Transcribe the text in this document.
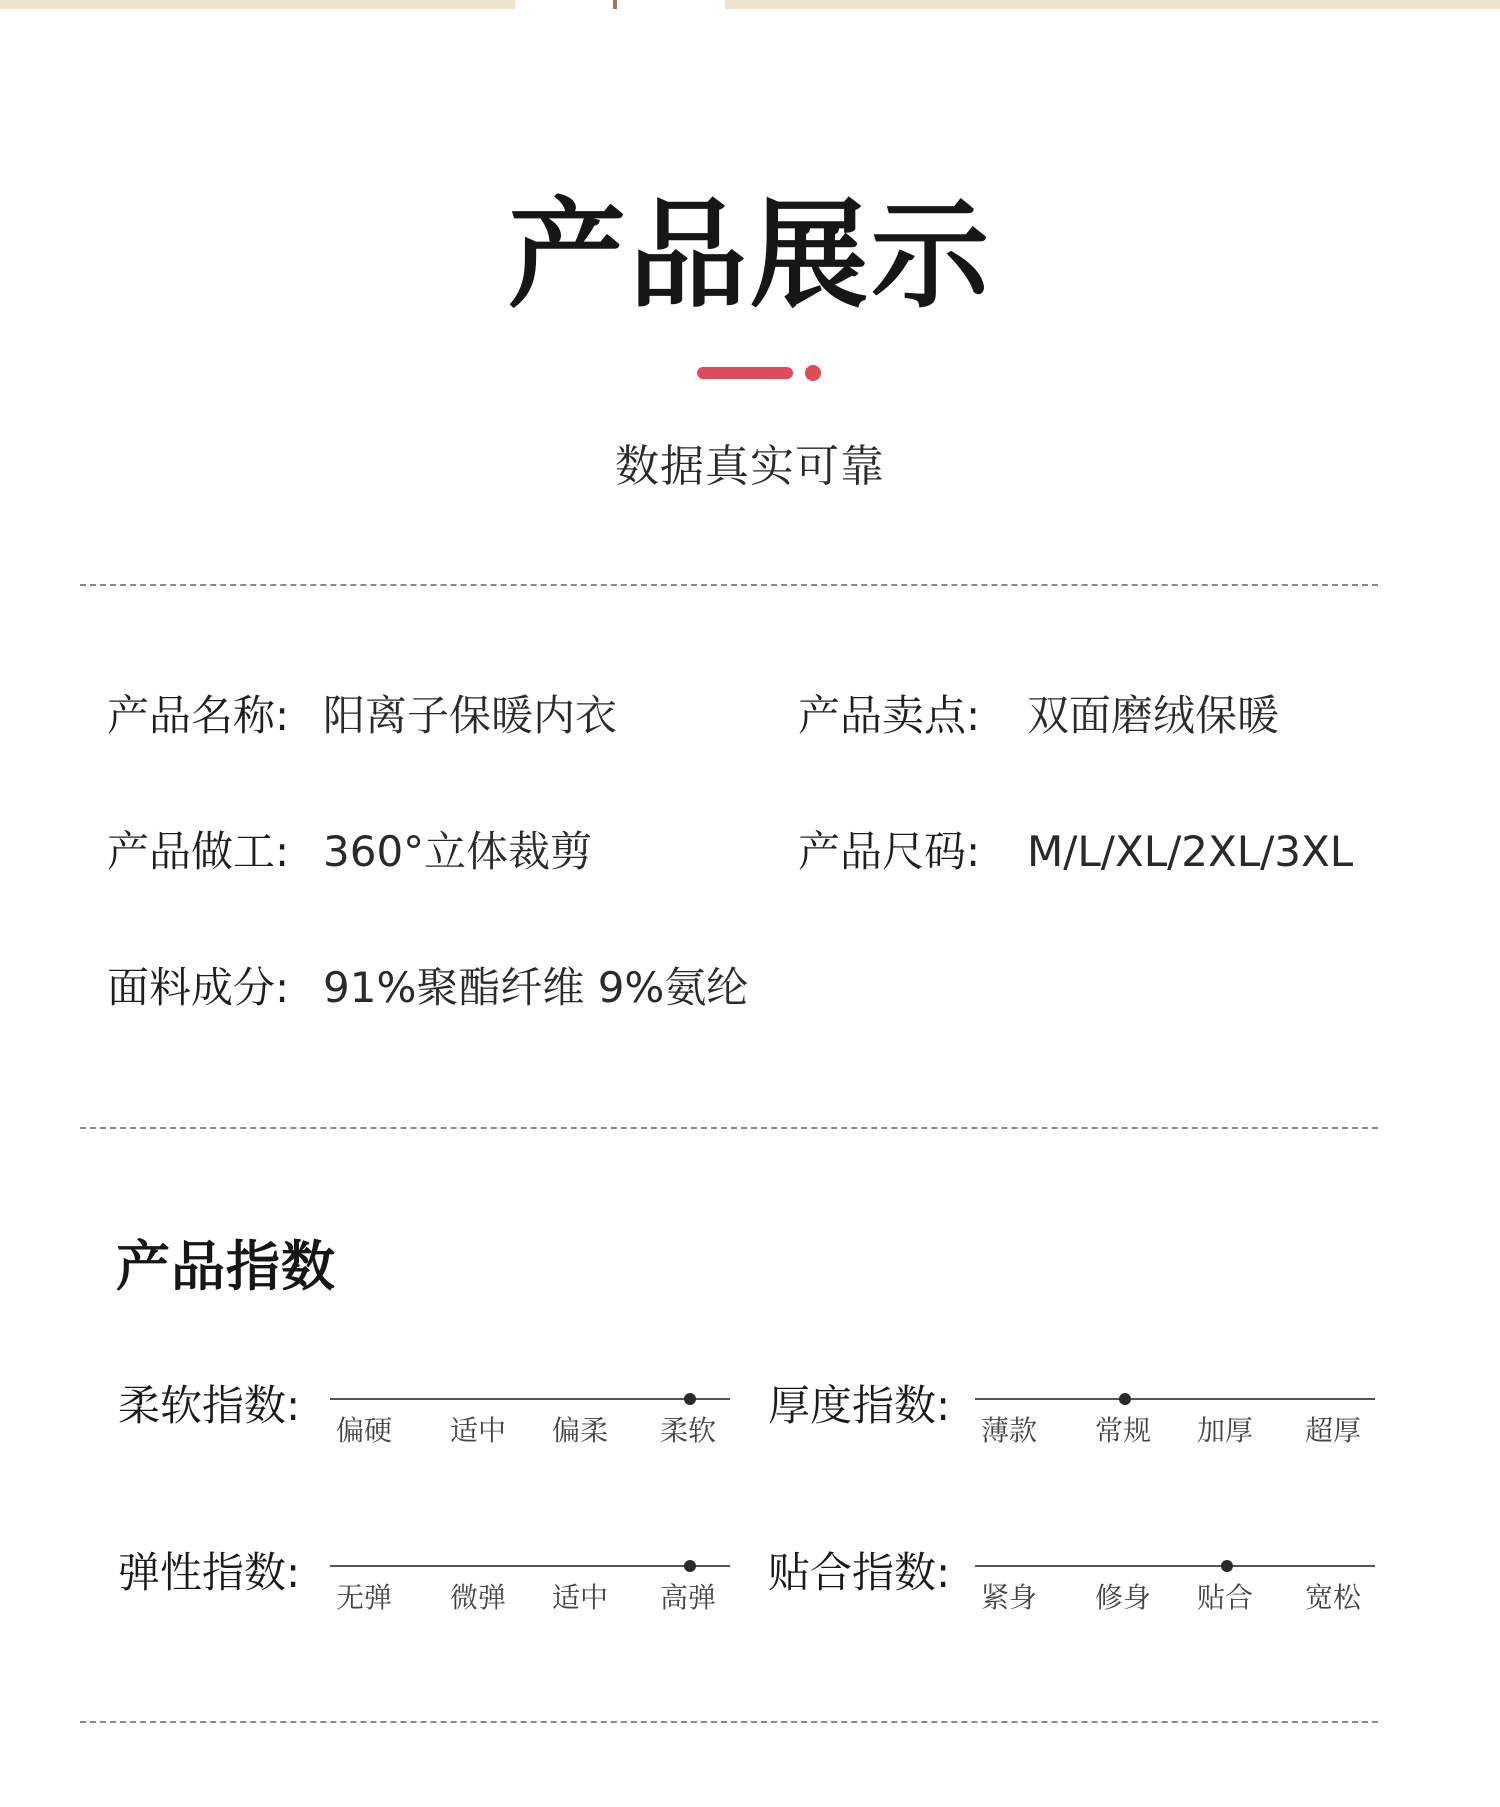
产品展示
数据真实可靠
产品名称: 阳离子保暖内衣	产品卖点: 双面磨绒保暖
产品做工: 360°立体裁剪	产品尺码: M/L/XL/2XL/3XL
面料成分: 91%聚酯纤维 9%氨纶
产品指数
柔软指数:
偏硬 适中 偏柔 柔软
厚度指数:
薄款 常规 加厚 超厚
弹性指数:
无弹 微弹 适中 高弹
贴合指数:
紧身 修身 贴合 宽松
